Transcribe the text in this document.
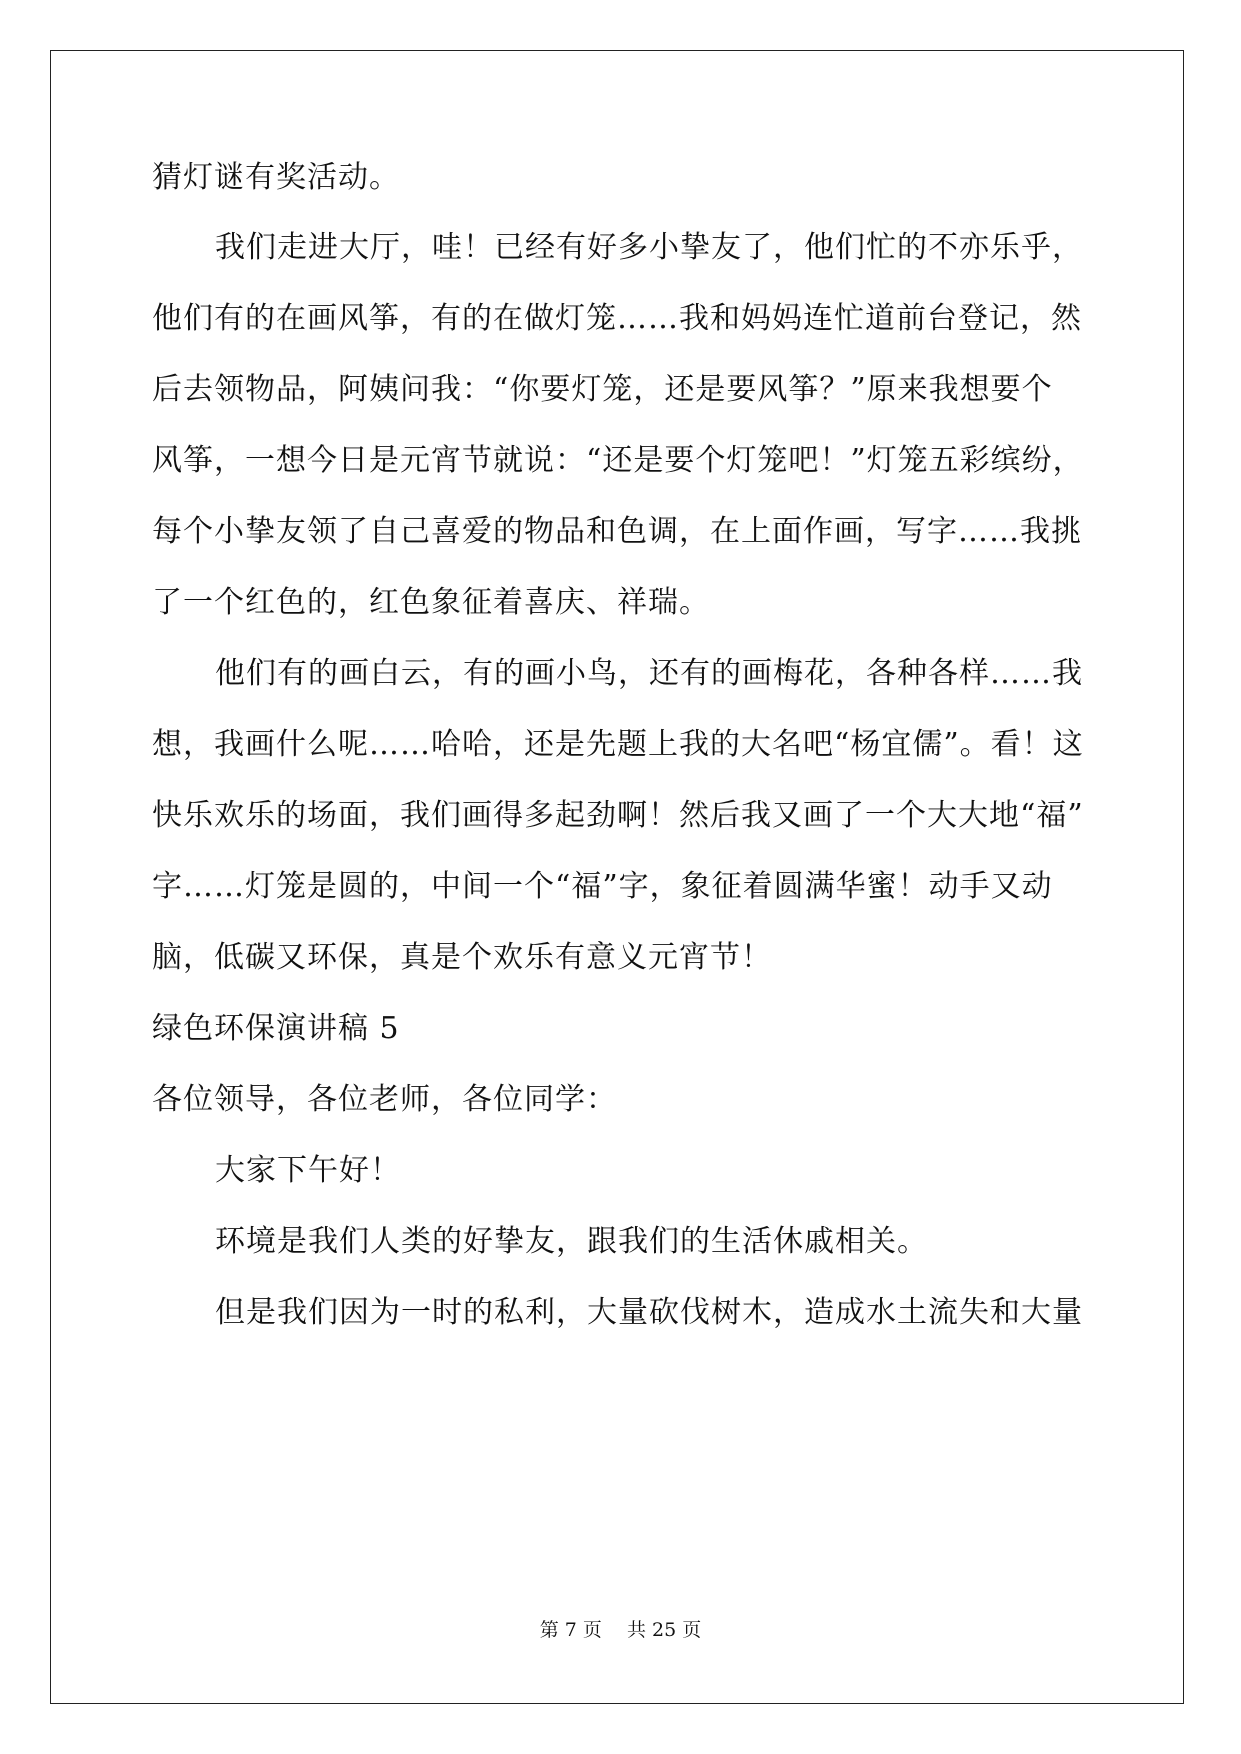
猜灯谜有奖活动。
我们走进大厅，哇！已经有好多小挚友了，他们忙的不亦乐乎，
他们有的在画风筝，有的在做灯笼……我和妈妈连忙道前台登记，然
后去领物品，阿姨问我：“你要灯笼，还是要风筝？”原来我想要个
风筝，一想今日是元宵节就说：“还是要个灯笼吧！”灯笼五彩缤纷，
每个小挚友领了自己喜爱的物品和色调，在上面作画，写字……我挑
了一个红色的，红色象征着喜庆、祥瑞。
他们有的画白云，有的画小鸟，还有的画梅花，各种各样……我
想，我画什么呢……哈哈，还是先题上我的大名吧“杨宜儒”。看！这
快乐欢乐的场面，我们画得多起劲啊！然后我又画了一个大大地“福”
字……灯笼是圆的，中间一个“福”字，象征着圆满华蜜！动手又动
脑，低碳又环保，真是个欢乐有意义元宵节！
绿色环保演讲稿 5
各位领导，各位老师，各位同学：
大家下午好！
环境是我们人类的好挚友，跟我们的生活休戚相关。
但是我们因为一时的私利，大量砍伐树木，造成水土流失和大量
第 7 页　 共 25 页
